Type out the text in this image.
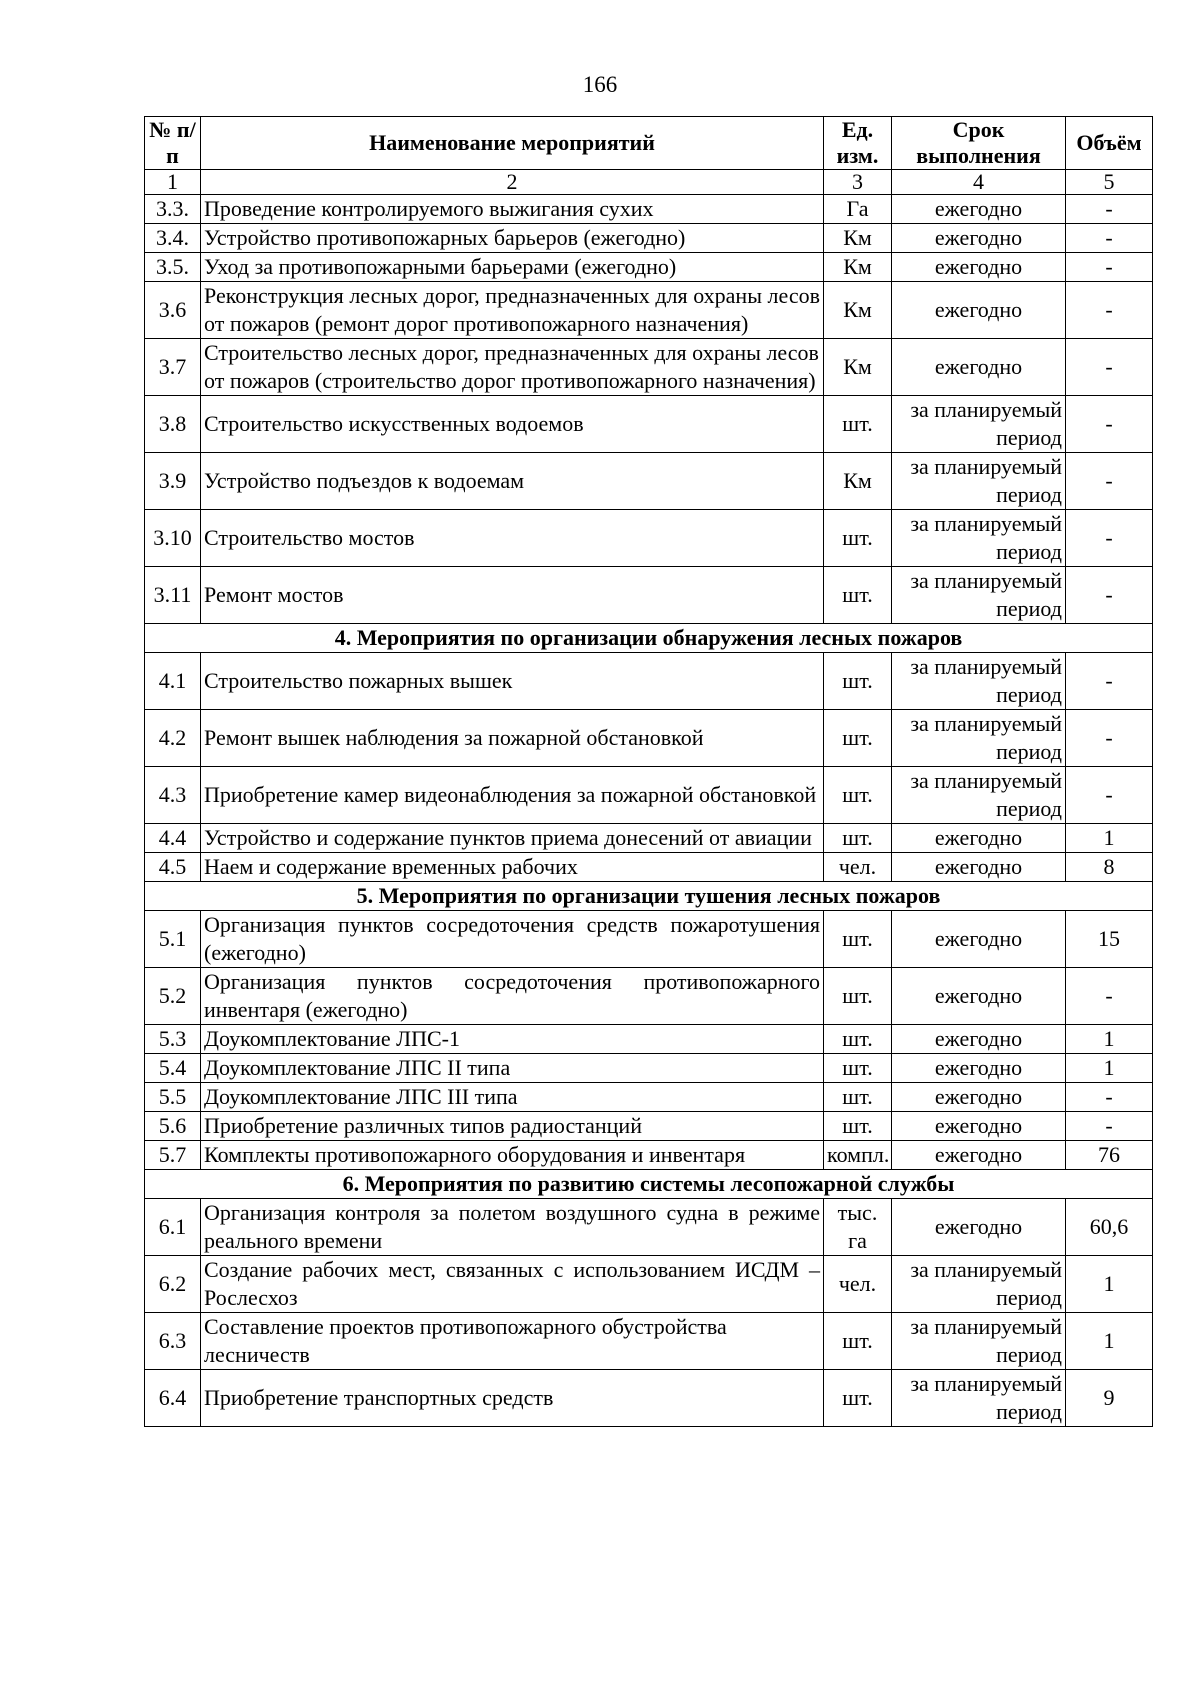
166
№ п/п	Наименование мероприятий	Ед. изм.	Срок выполнения	Объём
1	2	3	4	5
3.3.	Проведение контролируемого выжигания сухих	Га	ежегодно	-
3.4.	Устройство противопожарных барьеров (ежегодно)	Км	ежегодно	-
3.5.	Уход за противопожарными барьерами (ежегодно)	Км	ежегодно	-
3.6	Реконструкция лесных дорог, предназначенных для охраны лесов от пожаров (ремонт дорог противопожарного назначения)	Км	ежегодно	-
3.7	Строительство лесных дорог, предназначенных для охраны лесов от пожаров (строительство дорог противопожарного назначения)	Км	ежегодно	-
3.8	Строительство искусственных водоемов	шт.	за планируемый период	-
3.9	Устройство подъездов к водоемам	Км	за планируемый период	-
3.10	Строительство мостов	шт.	за планируемый период	-
3.11	Ремонт мостов	шт.	за планируемый период	-
4. Мероприятия по организации обнаружения лесных пожаров				
4.1	Строительство пожарных вышек	шт.	за планируемый период	-
4.2	Ремонт вышек наблюдения за пожарной обстановкой	шт.	за планируемый период	-
4.3	Приобретение камер видеонаблюдения за пожарной обстановкой	шт.	за планируемый период	-
4.4	Устройство и содержание пунктов приема донесений от авиации	шт.	ежегодно	1
4.5	Наем и содержание временных рабочих	чел.	ежегодно	8
5. Мероприятия по организации тушения лесных пожаров				
5.1	Организация пунктов сосредоточения средств пожаротушения (ежегодно)	шт.	ежегодно	15
5.2	Организация пунктов сосредоточения противопожарного инвентаря (ежегодно)	шт.	ежегодно	-
5.3	Доукомплектование ЛПС-1	шт.	ежегодно	1
5.4	Доукомплектование ЛПС II типа	шт.	ежегодно	1
5.5	Доукомплектование ЛПС III типа	шт.	ежегодно	-
5.6	Приобретение различных типов радиостанций	шт.	ежегодно	-
5.7	Комплекты противопожарного оборудования и инвентаря	компл.	ежегодно	76
6. Мероприятия по развитию системы лесопожарной службы				
6.1	Организация контроля за полетом воздушного судна в режиме реального времени	тыс. га	ежегодно	60,6
6.2	Создание рабочих мест, связанных с использованием ИСДМ – Рослесхоз	чел.	за планируемый период	1
6.3	Составление проектов противопожарного обустройства лесничеств	шт.	за планируемый период	1
6.4	Приобретение транспортных средств	шт.	за планируемый период	9
